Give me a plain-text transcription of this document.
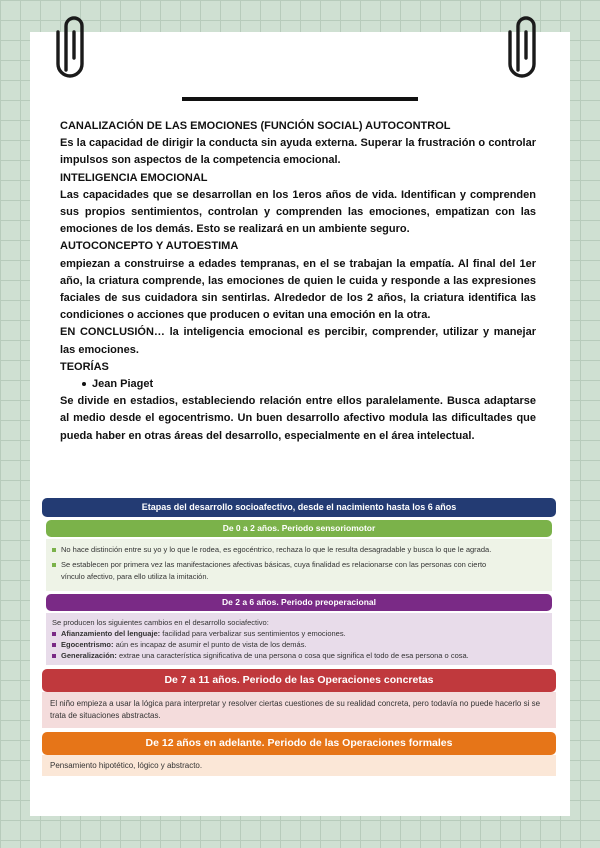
CANALIZACIÓN DE LAS EMOCIONES (FUNCIÓN SOCIAL) AUTOCONTROL

Es la capacidad de dirigir la conducta sin ayuda externa. Superar la frustración o controlar impulsos son aspectos de la competencia emocional.

INTELIGENCIA EMOCIONAL

Las capacidades que se desarrollan en los 1eros años de vida. Identifican y comprenden sus propios sentimientos, controlan y comprenden las emociones, empatizan con las emociones de los demás. Esto se realizará en un ambiente seguro.

AUTOCONCEPTO Y AUTOESTIMA

empiezan a construirse a edades tempranas, en el se trabajan la empatía. Al final del 1er año, la criatura comprende, las emociones de quien le cuida y responde a las expresiones faciales de sus cuidadora sin sentirlas. Alrededor de los 2 años, la criatura identifica las condiciones o acciones que producen o evitan una emoción en la otra.

EN CONCLUSIÓN… la inteligencia emocional es percibir, comprender, utilizar y manejar las emociones.

TEORÍAS

Jean Piaget

Se divide en estadios, estableciendo relación entre ellos paralelamente. Busca adaptarse al medio desde el egocentrismo. Un buen desarrollo afectivo modula las dificultades que pueda haber en otras áreas del desarrollo, especialmente en el área intelectual.

Etapas del desarrollo socioafectivo, desde el nacimiento hasta los 6 años
De 0 a 2 años. Periodo sensoriomotor

No hace distinción entre su yo y lo que le rodea, es egocéntrico, rechaza lo que le resulta desagradable y busca lo que le agrada.

Se establecen por primera vez las manifestaciones afectivas básicas, cuya finalidad es relacionarse con las personas con cierto

vínculo afectivo, para ello utiliza la imitación.

De 2 a 6 años. Periodo preoperacional

Se producen los siguientes cambios en el desarrollo sociafectivo:

Afianzamiento del lenguaje: facilidad para verbalizar sus sentimientos y emociones.

Egocentrismo: aún es incapaz de asumir el punto de vista de los demás.

Generalización: extrae una característica significativa de una persona o cosa que significa el todo de esa persona o cosa.

De 7 a 11 años. Periodo de las Operaciones concretas
El niño empieza a usar la lógica para interpretar y resolver ciertas cuestiones de su realidad concreta, pero todavía no puede hacerlo si se trata de situaciones abstractas.
De 12 años en adelante. Periodo de las Operaciones formales
Pensamiento hipotético, lógico y abstracto.
